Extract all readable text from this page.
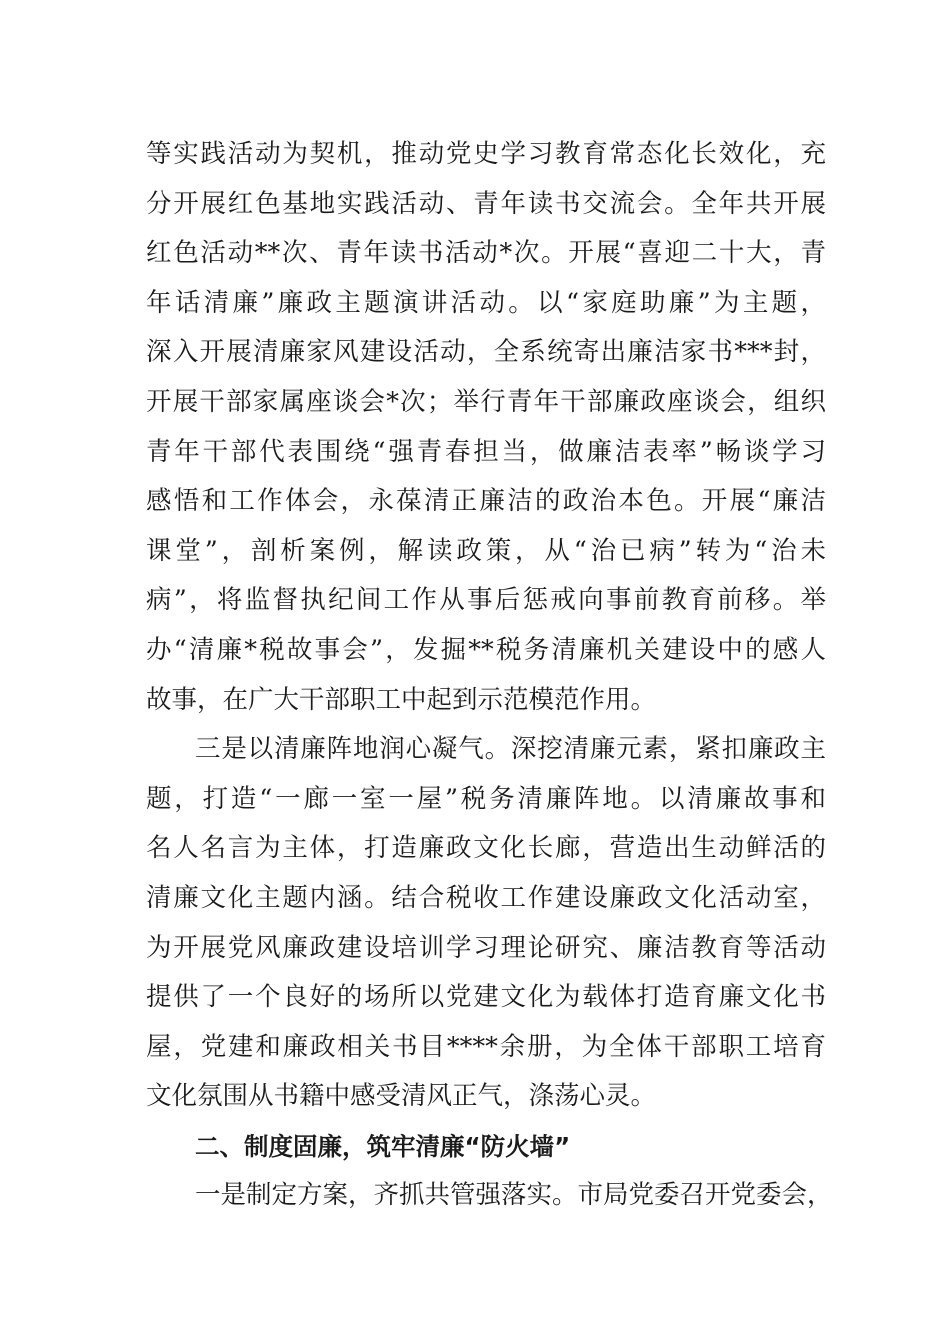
等实践活动为契机，推动党史学习教育常态化长效化，充
分开展红色基地实践活动、青年读书交流会。全年共开展
红色活动**次、青年读书活动*次。开展“喜迎二十大，青
年话清廉”廉政主题演讲活动。以“家庭助廉”为主题，
深入开展清廉家风建设活动，全系统寄出廉洁家书***封，
开展干部家属座谈会*次；举行青年干部廉政座谈会，组织
青年干部代表围绕“强青春担当，做廉洁表率”畅谈学习
感悟和工作体会，永葆清正廉洁的政治本色。开展“廉洁
课堂”，剖析案例，解读政策，从“治已病”转为“治未
病”，将监督执纪间工作从事后惩戒向事前教育前移。举
办“清廉*税故事会”，发掘**税务清廉机关建设中的感人
故事，在广大干部职工中起到示范模范作用。
三是以清廉阵地润心凝气。深挖清廉元素，紧扣廉政主
题，打造“一廊一室一屋”税务清廉阵地。以清廉故事和
名人名言为主体，打造廉政文化长廊，营造出生动鲜活的
清廉文化主题内涵。结合税收工作建设廉政文化活动室，
为开展党风廉政建设培训学习理论研究、廉洁教育等活动
提供了一个良好的场所以党建文化为载体打造育廉文化书
屋，党建和廉政相关书目****余册，为全体干部职工培育
文化氛围从书籍中感受清风正气，涤荡心灵。
二、制度固廉，筑牢清廉“防火墙”
一是制定方案，齐抓共管强落实。市局党委召开党委会，
